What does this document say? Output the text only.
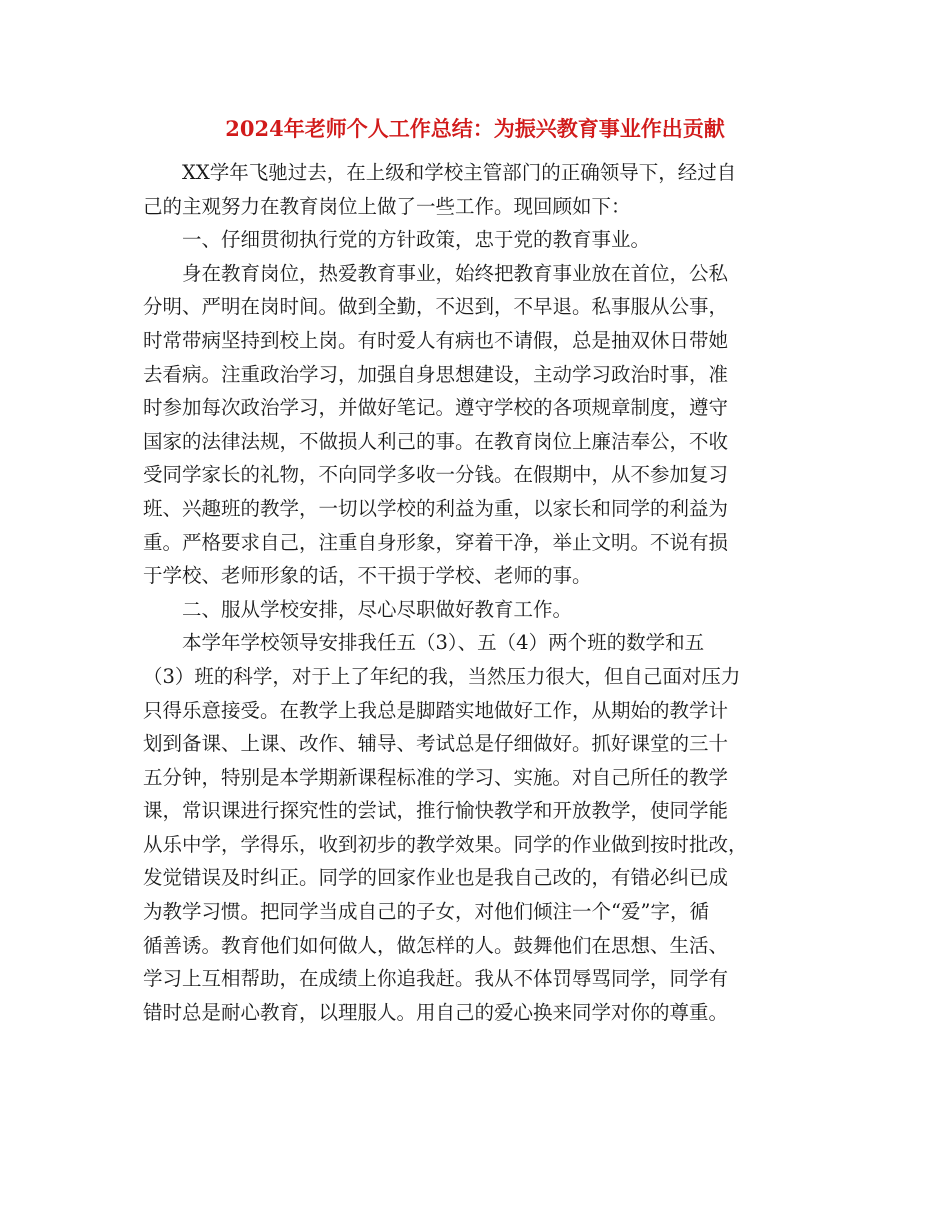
2024年老师个人工作总结：为振兴教育事业作出贡献
XX学年飞驰过去，在上级和学校主管部门的正确领导下，经过自
己的主观努力在教育岗位上做了一些工作。现回顾如下：
一、仔细贯彻执行党的方针政策，忠于党的教育事业。
身在教育岗位，热爱教育事业，始终把教育事业放在首位，公私
分明、严明在岗时间。做到全勤，不迟到，不早退。私事服从公事，
时常带病坚持到校上岗。有时爱人有病也不请假，总是抽双休日带她
去看病。注重政治学习，加强自身思想建设，主动学习政治时事，准
时参加每次政治学习，并做好笔记。遵守学校的各项规章制度，遵守
国家的法律法规，不做损人利己的事。在教育岗位上廉洁奉公，不收
受同学家长的礼物，不向同学多收一分钱。在假期中，从不参加复习
班、兴趣班的教学，一切以学校的利益为重，以家长和同学的利益为
重。严格要求自己，注重自身形象，穿着干净，举止文明。不说有损
于学校、老师形象的话，不干损于学校、老师的事。
二、服从学校安排，尽心尽职做好教育工作。
本学年学校领导安排我任五（3）、五（4）两个班的数学和五
（3）班的科学，对于上了年纪的我，当然压力很大，但自己面对压力
只得乐意接受。在教学上我总是脚踏实地做好工作，从期始的教学计
划到备课、上课、改作、辅导、考试总是仔细做好。抓好课堂的三十
五分钟，特别是本学期新课程标准的学习、实施。对自己所任的教学
课，常识课进行探究性的尝试，推行愉快教学和开放教学，使同学能
从乐中学，学得乐，收到初步的教学效果。同学的作业做到按时批改，
发觉错误及时纠正。同学的回家作业也是我自己改的，有错必纠已成
为教学习惯。把同学当成自己的子女，对他们倾注一个“爱”字，循
循善诱。教育他们如何做人，做怎样的人。鼓舞他们在思想、生活、
学习上互相帮助，在成绩上你追我赶。我从不体罚辱骂同学，同学有
错时总是耐心教育，以理服人。用自己的爱心换来同学对你的尊重。
